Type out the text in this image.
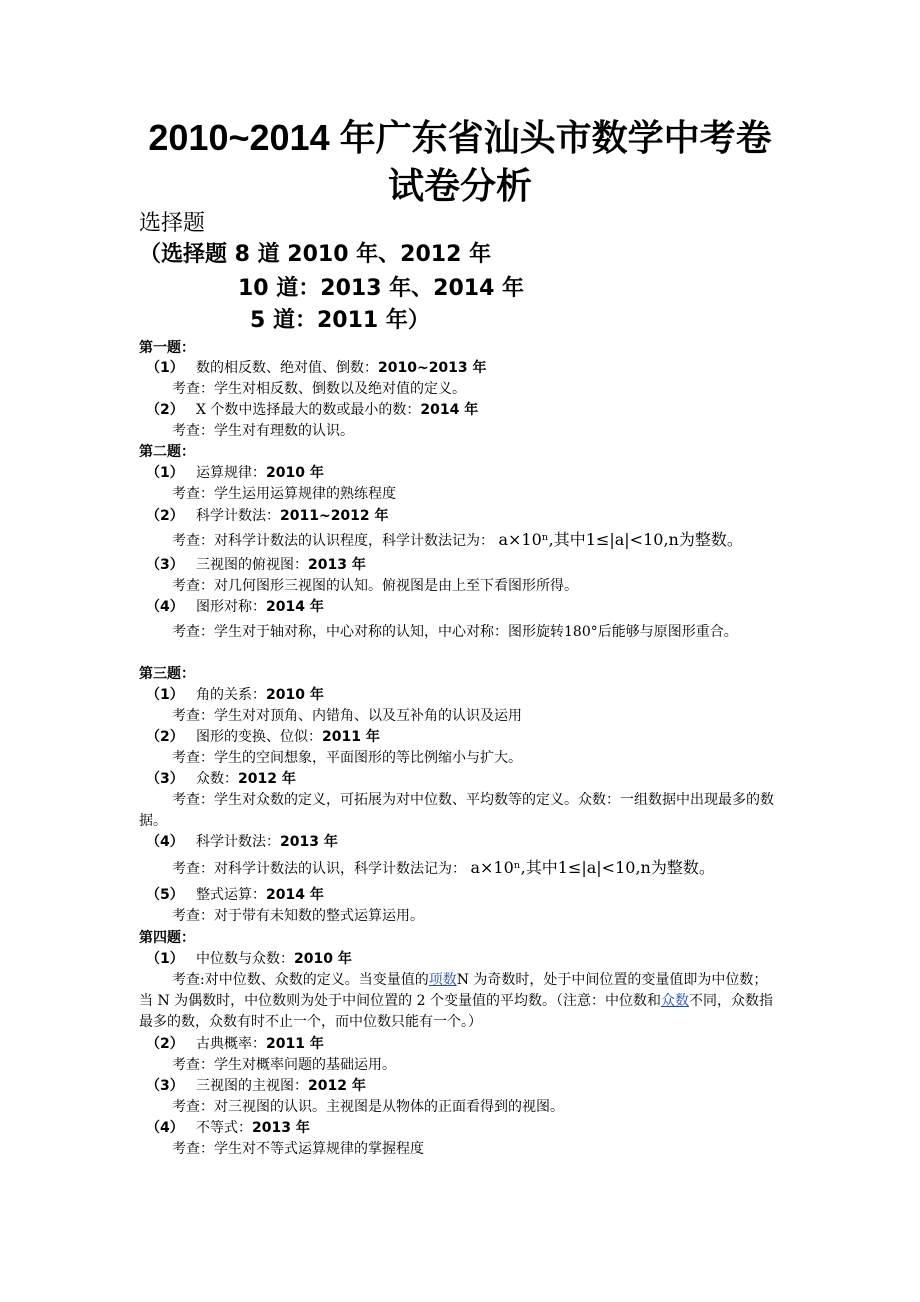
2010~2014 年广东省汕头市数学中考卷
试卷分析
选择题
（选择题 8 道 2010 年、2012 年
10 道：2013 年、2014 年
5 道：2011 年）
第一题：
（1） 数的相反数、绝对值、倒数：2010~2013 年
考查：学生对相反数、倒数以及绝对值的定义。
（2） X 个数中选择最大的数或最小的数：2014 年
考查：学生对有理数的认识。
第二题：
（1） 运算规律：2010 年
考查：学生运用运算规律的熟练程度
（2） 科学计数法：2011~2012 年
考查：对科学计数法的认识程度，科学计数法记为： a×10ⁿ,其中1≤|a|<10,n为整数。
（3） 三视图的俯视图：2013 年
考查：对几何图形三视图的认知。俯视图是由上至下看图形所得。
（4） 图形对称：2014 年
考查：学生对于轴对称，中心对称的认知，中心对称：图形旋转180°后能够与原图形重合。
第三题：
（1） 角的关系：2010 年
考查：学生对对顶角、内错角、以及互补角的认识及运用
（2） 图形的变换、位似：2011 年
考查：学生的空间想象，平面图形的等比例缩小与扩大。
（3） 众数：2012 年
考查：学生对众数的定义，可拓展为对中位数、平均数等的定义。众数：一组数据中出现最多的数据。
（4） 科学计数法：2013 年
考查：对科学计数法的认识，科学计数法记为： a×10ⁿ,其中1≤|a|<10,n为整数。
（5） 整式运算：2014 年
考查：对于带有未知数的整式运算运用。
第四题：
（1） 中位数与众数：2010 年
考查:对中位数、众数的定义。当变量值的项数N 为奇数时，处于中间位置的变量值即为中位数；当 N 为偶数时，中位数则为处于中间位置的 2 个变量值的平均数。（注意：中位数和众数不同，众数指最多的数，众数有时不止一个，而中位数只能有一个。）
（2） 古典概率：2011 年
考查：学生对概率问题的基础运用。
（3） 三视图的主视图：2012 年
考查：对三视图的认识。主视图是从物体的正面看得到的视图。
（4） 不等式：2013 年
考查：学生对不等式运算规律的掌握程度
